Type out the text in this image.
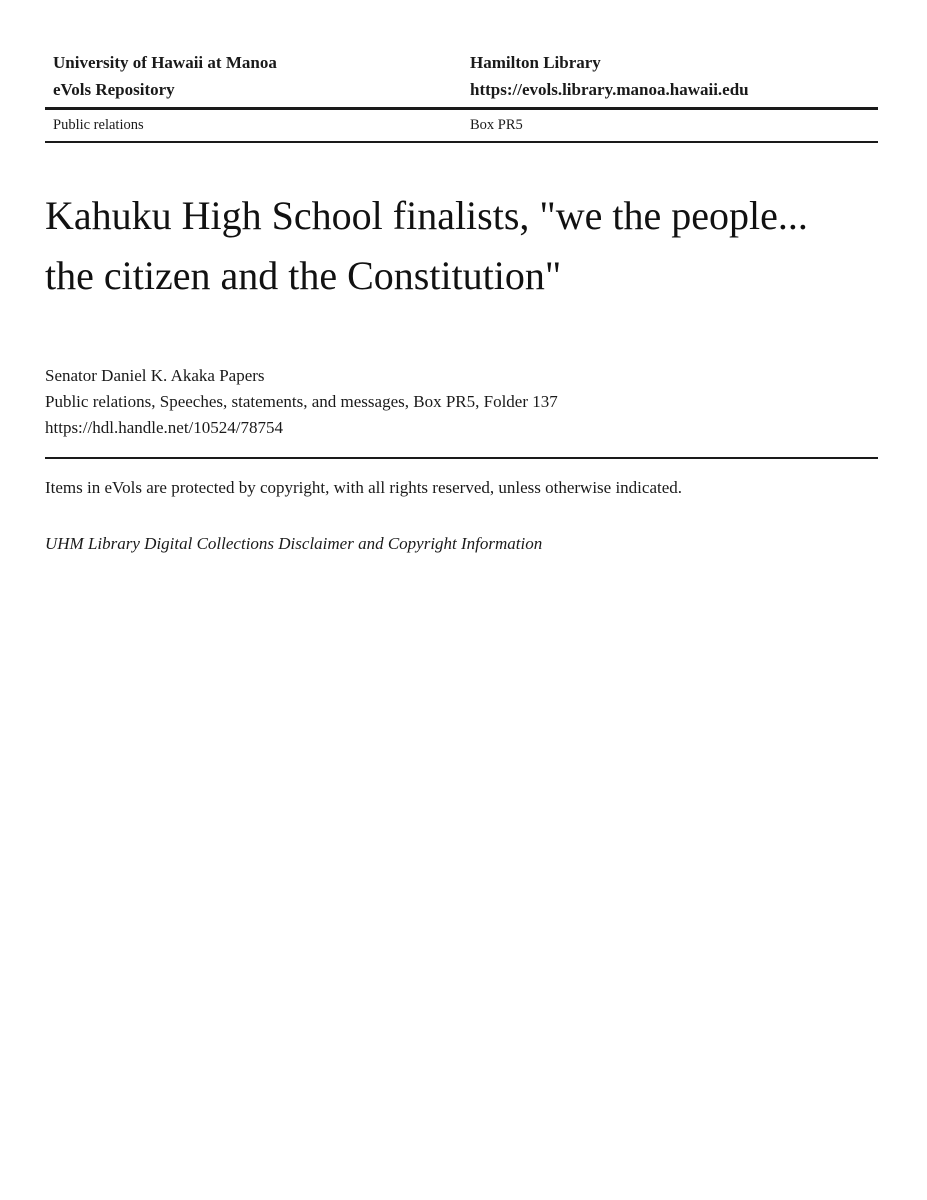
University of Hawaii at Manoa
eVols Repository
Hamilton Library
https://evols.library.manoa.hawaii.edu
Public relations	Box PR5
Kahuku High School finalists, "we the people... the citizen and the Constitution"
Senator Daniel K. Akaka Papers
Public relations, Speeches, statements, and messages, Box PR5, Folder 137
https://hdl.handle.net/10524/78754

Items in eVols are protected by copyright, with all rights reserved, unless otherwise indicated.

UHM Library Digital Collections Disclaimer and Copyright Information
